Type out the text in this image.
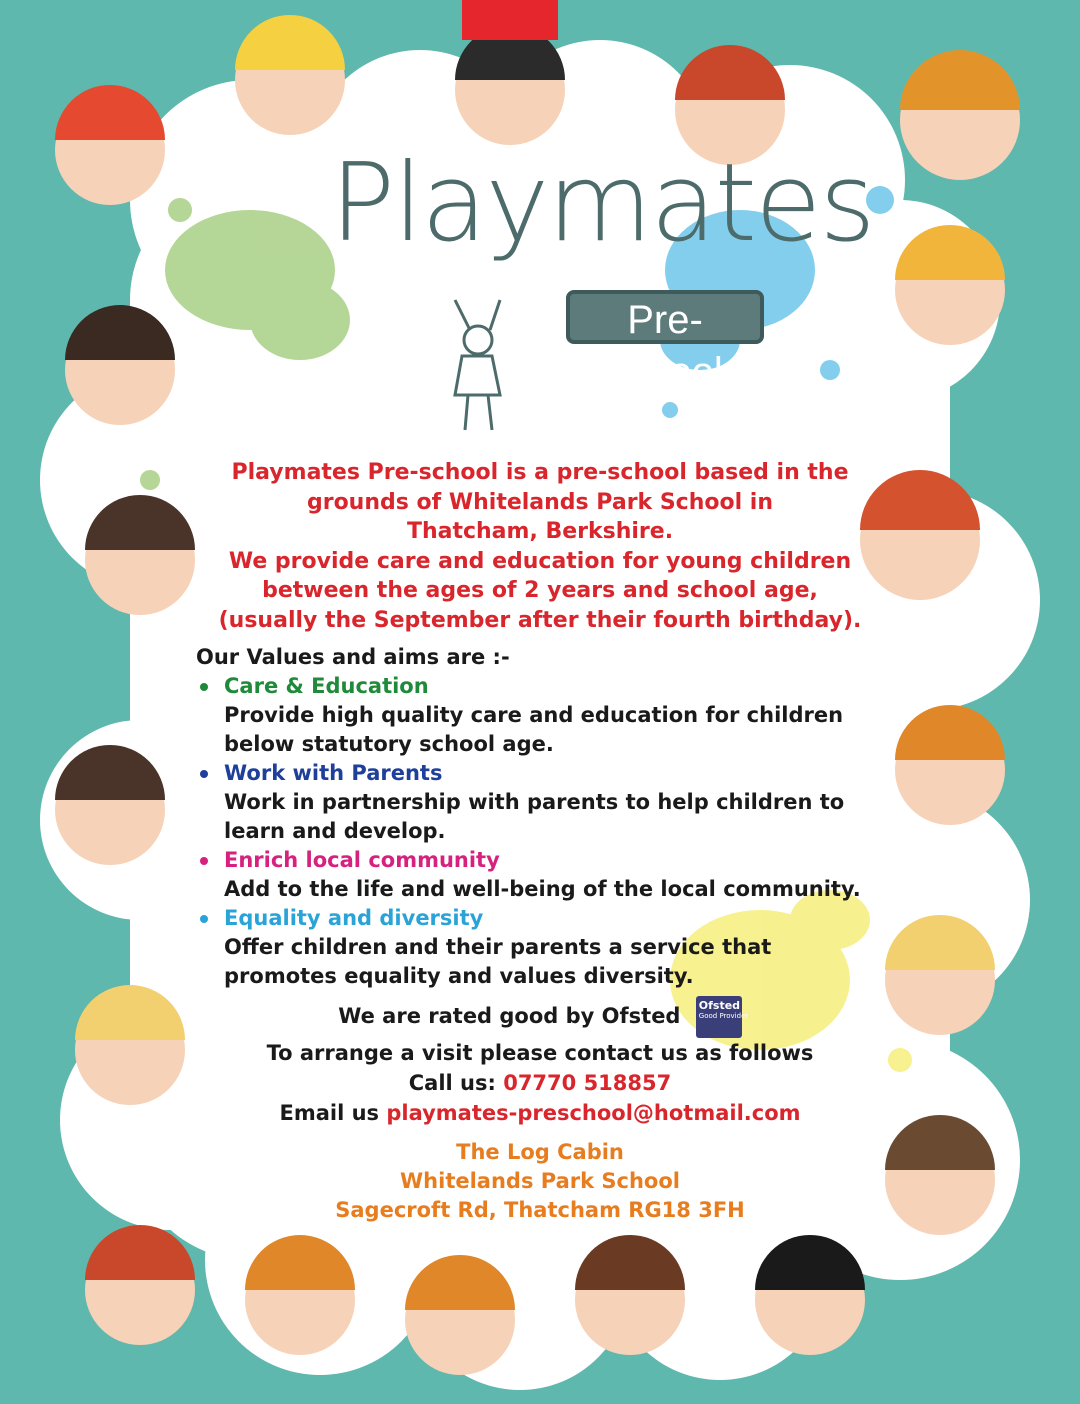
Playmates
Pre-school
Playmates Pre-school is a pre-school based in the
grounds of Whitelands Park School in
Thatcham, Berkshire.
We provide care and education for young children
between the ages of 2 years and school age,
(usually the September after their fourth birthday).
Our Values and aims are :-
Care & Education
Provide high quality care and education for children
below statutory school age.
Work with Parents
Work in partnership with parents to help children to
learn and develop.
Enrich local community
Add to the life and well-being of the local community.
Equality and diversity
Offer children and their parents a service that
promotes equality and values diversity.
We are rated good by Ofsted Ofsted
Good Provider
To arrange a visit please contact us as follows
Call us: 07770 518857
Email us playmates-preschool@hotmail.com
The Log Cabin
Whitelands Park School
Sagecroft Rd, Thatcham RG18 3FH
